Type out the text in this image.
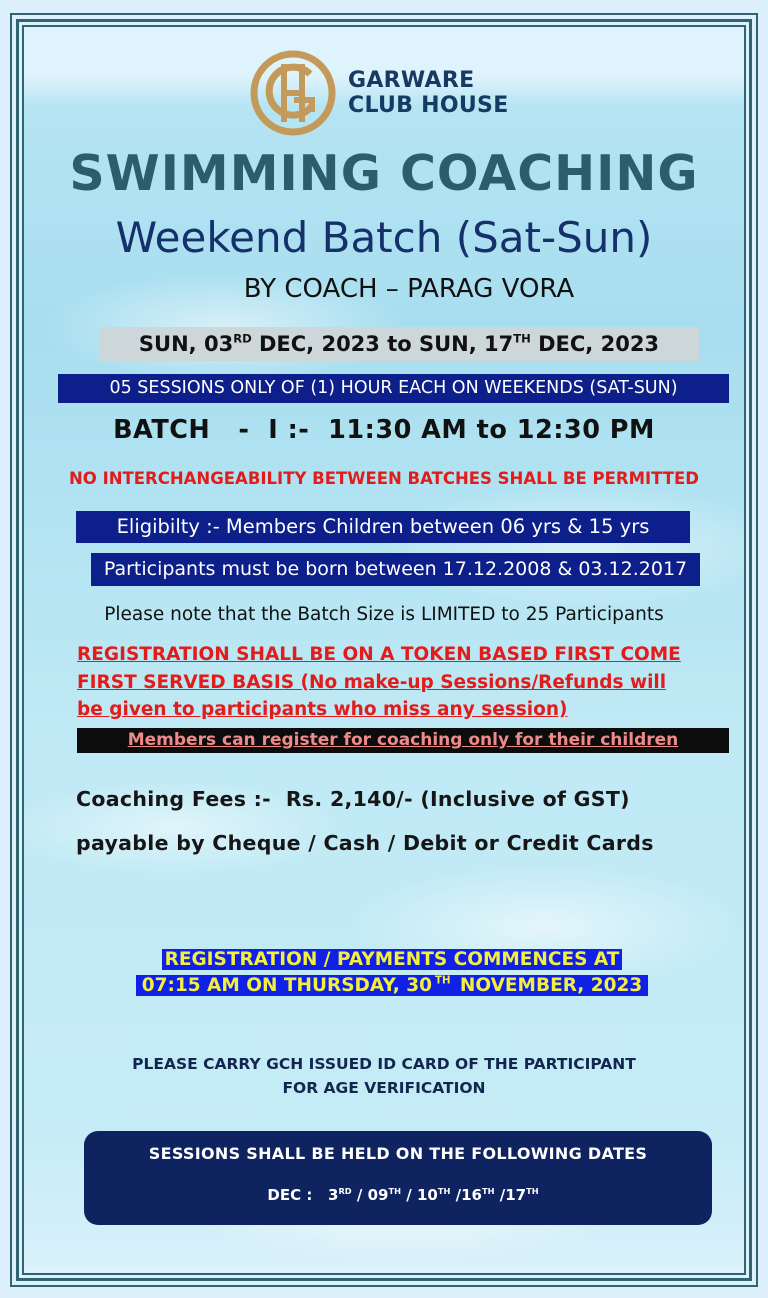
GARWARE
CLUB HOUSE
SWIMMING COACHING
Weekend Batch (Sat-Sun)
BY COACH – PARAG VORA
SUN, 03RD DEC, 2023 to SUN, 17TH DEC, 2023
05 SESSIONS ONLY OF (1) HOUR EACH ON WEEKENDS (SAT-SUN)
BATCH   -  I :-  11:30 AM to 12:30 PM
NO INTERCHANGEABILITY BETWEEN BATCHES SHALL BE PERMITTED
Eligibilty :- Members Children between 06 yrs & 15 yrs
Participants must be born between 17.12.2008 & 03.12.2017
Please note that the Batch Size is LIMITED to 25 Participants
REGISTRATION SHALL BE ON A TOKEN BASED FIRST COME
FIRST SERVED BASIS (No make-up Sessions/Refunds will
be given to participants who miss any session)
Members can register for coaching only for their children
Coaching Fees :-  Rs. 2,140/- (Inclusive of GST)
payable by Cheque / Cash / Debit or Credit Cards
REGISTRATION / PAYMENTS COMMENCES AT
07:15 AM ON THURSDAY, 30 $^{TH}$ NOVEMBER, 2023
PLEASE CARRY GCH ISSUED ID CARD OF THE PARTICIPANT
FOR AGE VERIFICATION
SESSIONS SHALL BE HELD ON THE FOLLOWING DATES
DEC : 3RD / 09TH / 10TH /16TH /17TH
